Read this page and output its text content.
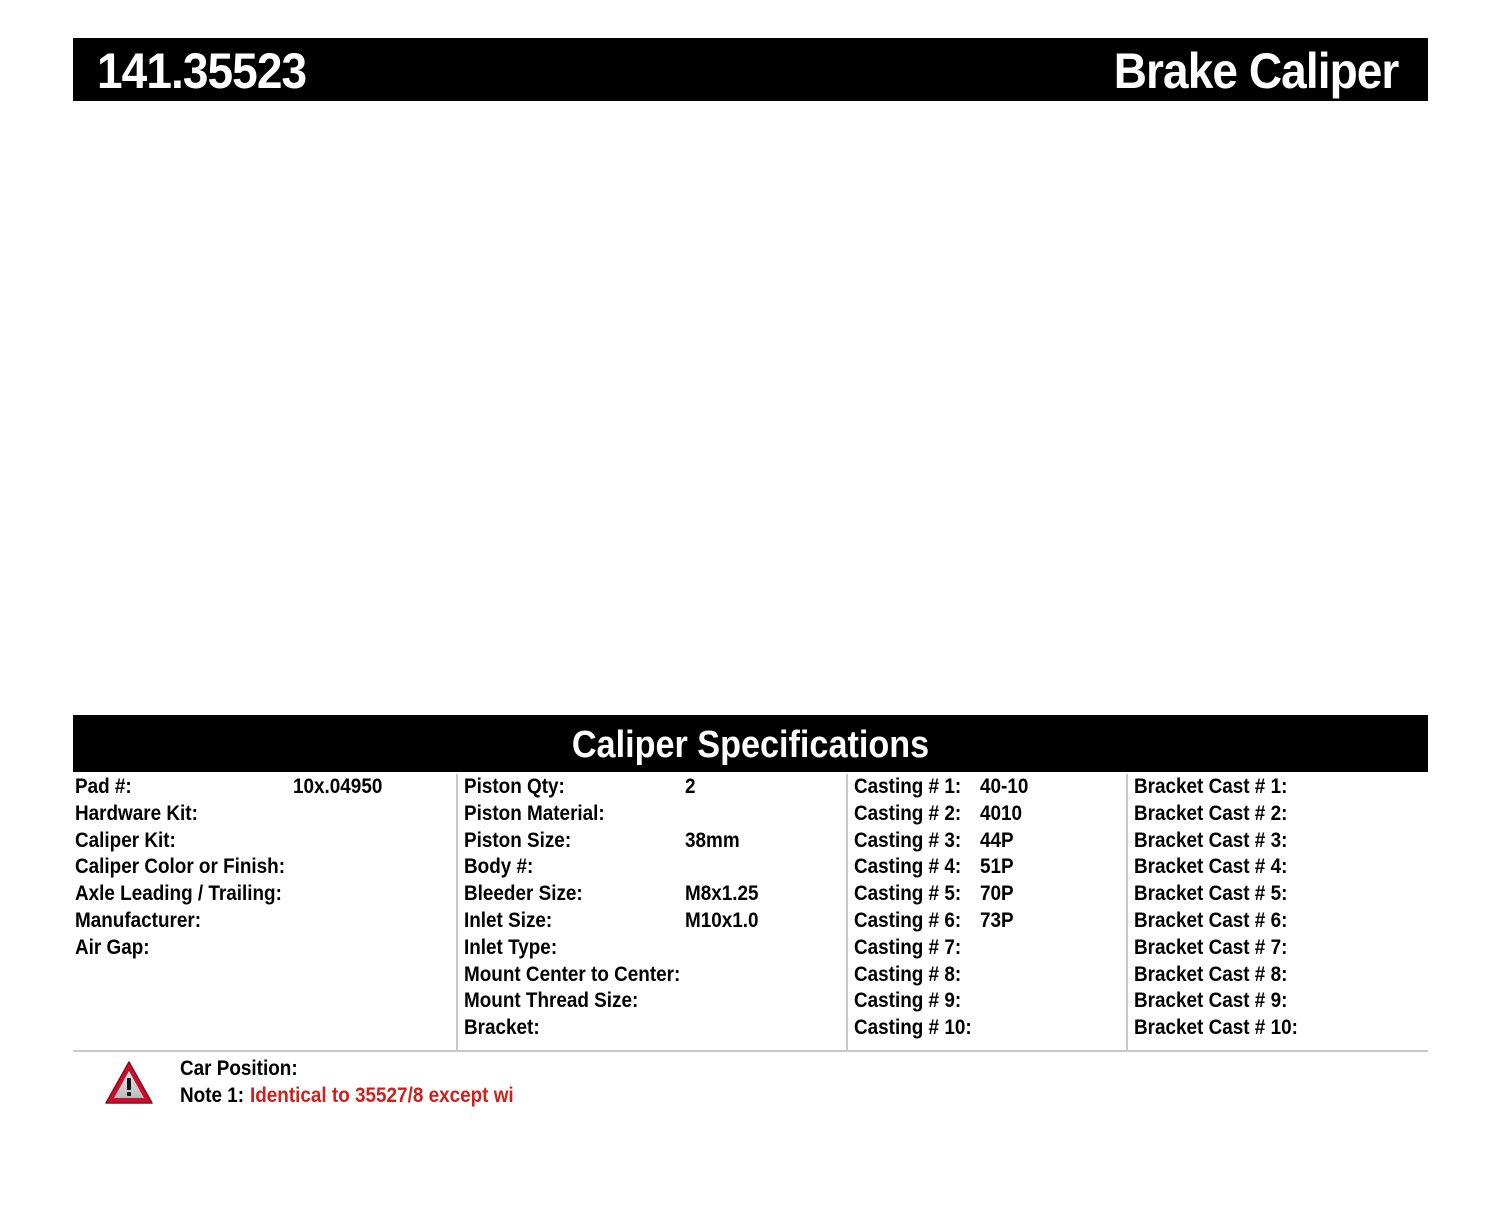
141.35523	Brake Caliper
Caliper Specifications
Pad #:	10x.04950
Hardware Kit:
Caliper Kit:
Caliper Color or Finish:
Axle Leading / Trailing:
Manufacturer:
Air Gap:
Piston Qty:	2
Piston Material:
Piston Size:	38mm
Body #:
Bleeder Size:	M8x1.25
Inlet Size:	M10x1.0
Inlet Type:
Mount Center to Center:
Mount Thread Size:
Bracket:
Casting # 1: 40-10
Casting # 2: 4010
Casting # 3: 44P
Casting # 4: 51P
Casting # 5: 70P
Casting # 6: 73P
Casting # 7:
Casting # 8:
Casting # 9:
Casting # 10:
Bracket Cast # 1:
Bracket Cast # 2:
Bracket Cast # 3:
Bracket Cast # 4:
Bracket Cast # 5:
Bracket Cast # 6:
Bracket Cast # 7:
Bracket Cast # 8:
Bracket Cast # 9:
Bracket Cast # 10:
Car Position:
Note 1: Identical to 35527/8 except wi
